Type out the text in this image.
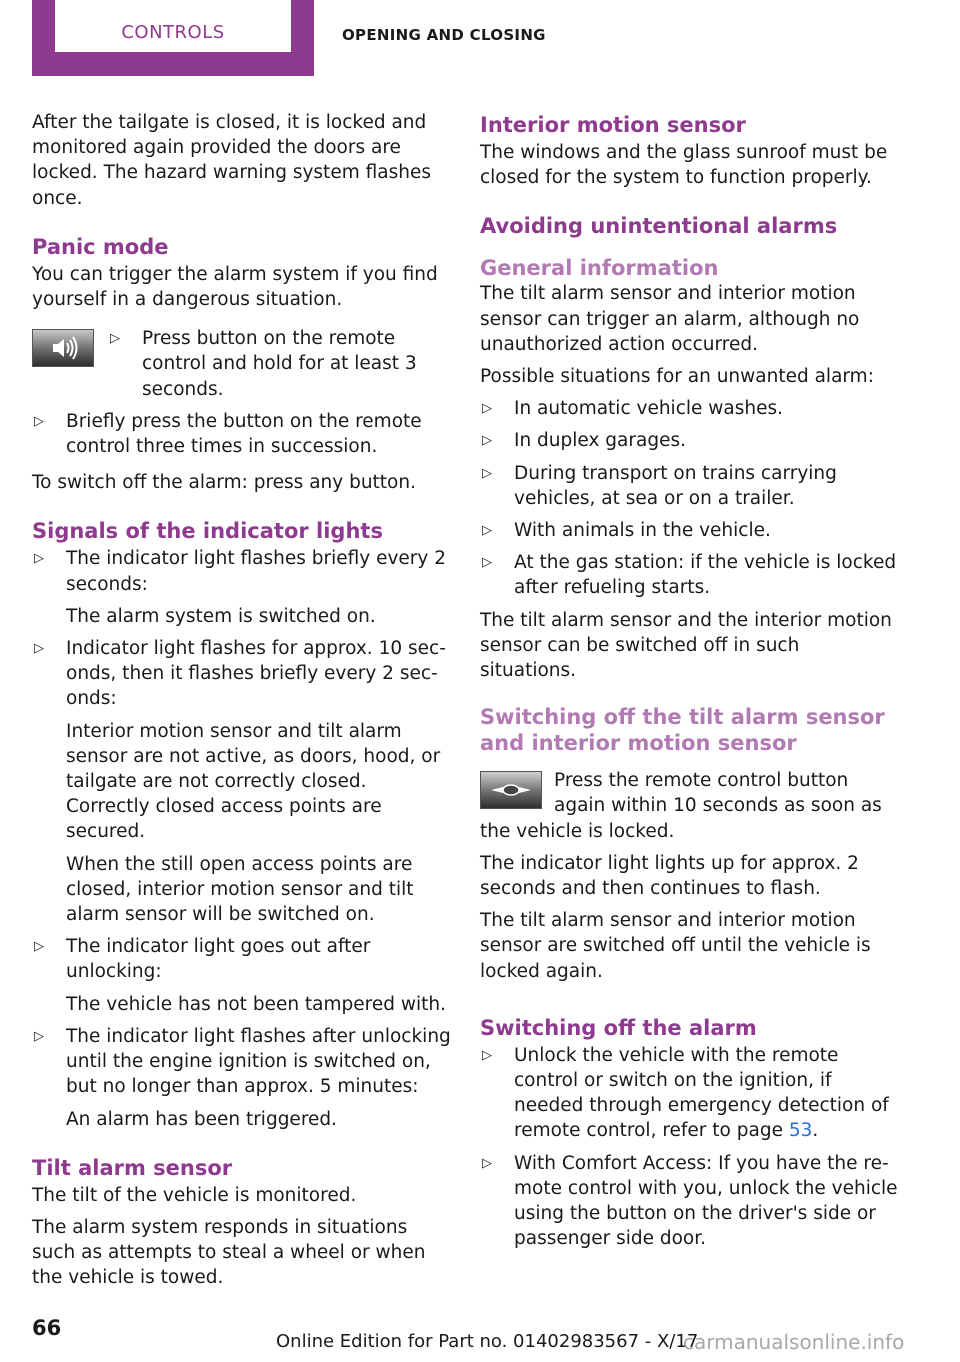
CONTROLS	OPENING AND CLOSING

After the tailgate is closed, it is locked and monitored again provided the doors are locked. The hazard warning system flashes once.

Panic mode

You can trigger the alarm system if you find yourself in a dangerous situation.

▷ Press button on the remote control and hold for at least 3 seconds.
▷ Briefly press the button on the remote control three times in succession.

To switch off the alarm: press any button.

Signals of the indicator lights
▷ The indicator light flashes briefly every 2 seconds:
The alarm system is switched on.
▷ Indicator light flashes for approx. 10 seconds, then it flashes briefly every 2 seconds:
Interior motion sensor and tilt alarm sensor are not active, as doors, hood, or tailgate are not correctly closed. Correctly closed access points are secured.
When the still open access points are closed, interior motion sensor and tilt alarm sensor will be switched on.
▷ The indicator light goes out after unlocking:
The vehicle has not been tampered with.
▷ The indicator light flashes after unlocking until the engine ignition is switched on, but no longer than approx. 5 minutes:
An alarm has been triggered.
Tilt alarm sensor

The tilt of the vehicle is monitored.

The alarm system responds in situations such as attempts to steal a wheel or when the vehicle is towed.

Interior motion sensor

The windows and the glass sunroof must be closed for the system to function properly.

Avoiding unintentional alarms
General information

The tilt alarm sensor and interior motion sensor can trigger an alarm, although no unauthorized action occurred.

Possible situations for an unwanted alarm:

▷ In automatic vehicle washes.
▷ In duplex garages.
▷ During transport on trains carrying vehicles, at sea or on a trailer.
▷ With animals in the vehicle.
▷ At the gas station: if the vehicle is locked after refueling starts.

The tilt alarm sensor and the interior motion sensor can be switched off in such situations.

Switching off the tilt alarm sensor and interior motion sensor

Press the remote control button again within 10 seconds as soon as the vehicle is locked.

The indicator light lights up for approx. 2 seconds and then continues to flash.

The tilt alarm sensor and interior motion sensor are switched off until the vehicle is locked again.

Switching off the alarm
▷ Unlock the vehicle with the remote control or switch on the ignition, if needed through emergency detection of remote control, refer to page 53.
▷ With Comfort Access: If you have the remote control with you, unlock the vehicle using the button on the driver's side or passenger side door.
66
Online Edition for Part no. 01402983567 - X/17
carmanualsonline.info
